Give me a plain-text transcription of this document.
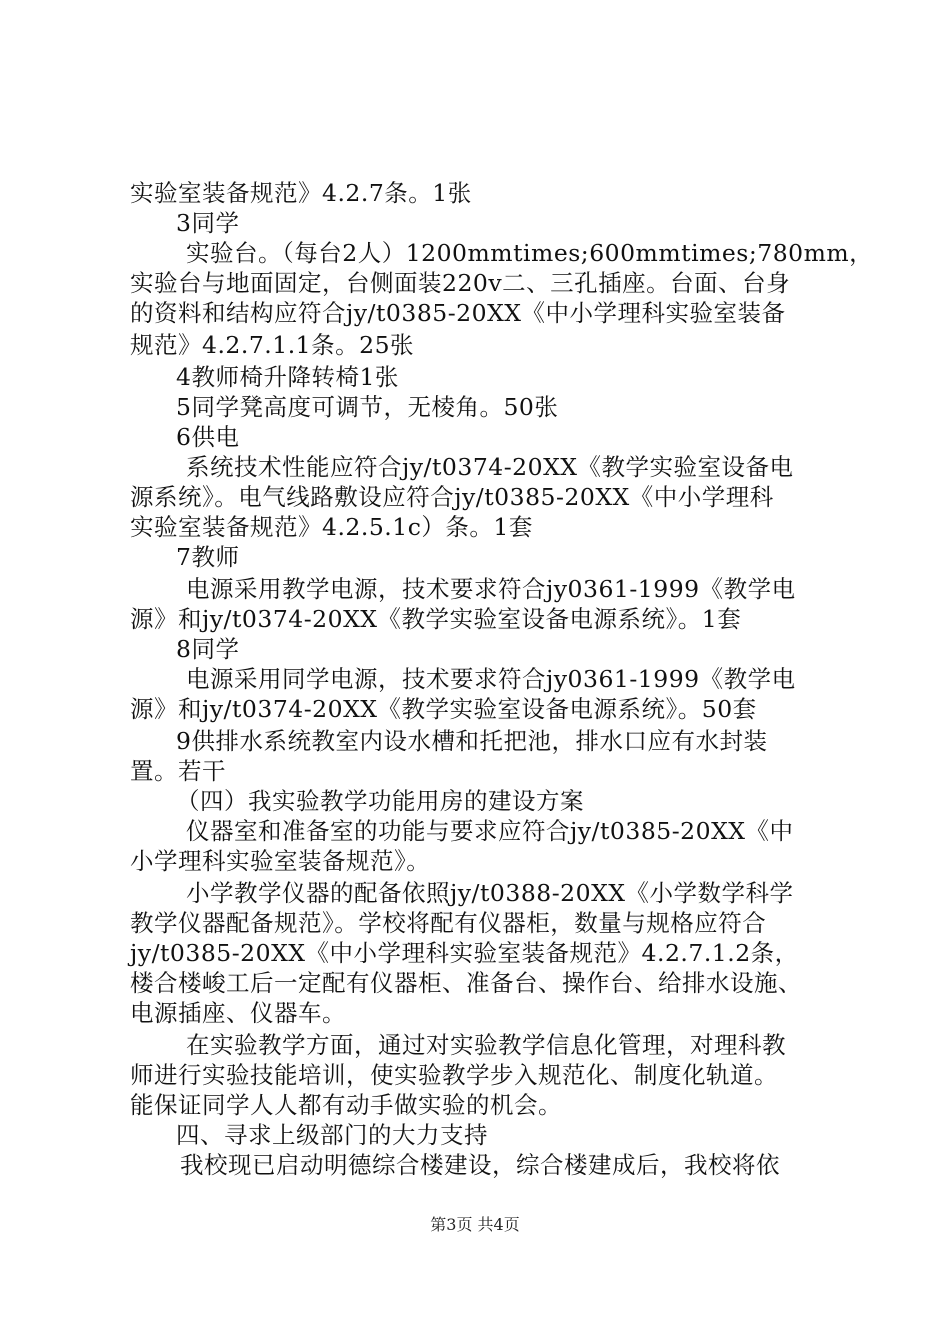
实验室装备规范》4.2.7条。1张
3同学
实验台。（每台2人）1200mmtimes;600mmtimes;780mm，
实验台与地面固定，台侧面装220v二、三孔插座。台面、台身
的资料和结构应符合jy/t0385-20XX《中小学理科实验室装备
规范》4.2.7.1.1条。25张
4教师椅升降转椅1张
5同学凳高度可调节，无棱角。50张
6供电
系统技术性能应符合jy/t0374-20XX《教学实验室设备电
源系统》。电气线路敷设应符合jy/t0385-20XX《中小学理科
实验室装备规范》4.2.5.1c）条。1套
7教师
电源采用教学电源，技术要求符合jy0361-1999《教学电
源》和jy/t0374-20XX《教学实验室设备电源系统》。1套
8同学
电源采用同学电源，技术要求符合jy0361-1999《教学电
源》和jy/t0374-20XX《教学实验室设备电源系统》。50套
9供排水系统教室内设水槽和托把池，排水口应有水封装
置。若干
（四）我实验教学功能用房的建设方案
仪器室和准备室的功能与要求应符合jy/t0385-20XX《中
小学理科实验室装备规范》。
小学教学仪器的配备依照jy/t0388-20XX《小学数学科学
教学仪器配备规范》。学校将配有仪器柜，数量与规格应符合
jy/t0385-20XX《中小学理科实验室装备规范》4.2.7.1.2条，
楼合楼峻工后一定配有仪器柜、准备台、操作台、给排水设施、
电源插座、仪器车。
在实验教学方面，通过对实验教学信息化管理，对理科教
师进行实验技能培训，使实验教学步入规范化、制度化轨道。
能保证同学人人都有动手做实验的机会。
四、寻求上级部门的大力支持
我校现已启动明德综合楼建设，综合楼建成后，我校将依
第3页 共4页
